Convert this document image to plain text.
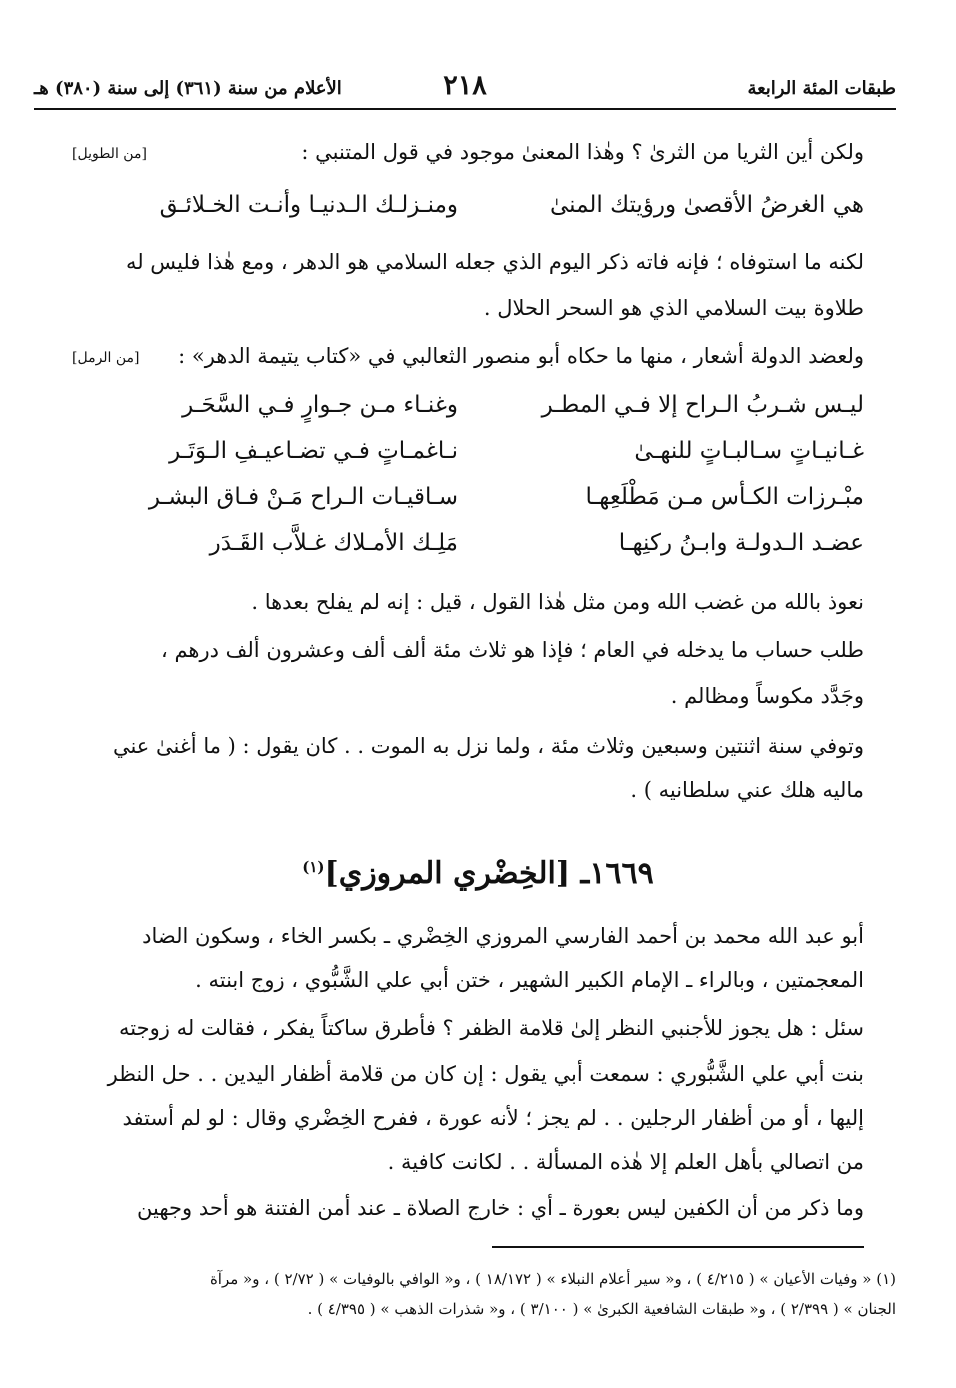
طبقات المئة الرابعة
٢١٨
الأعلام من سنة (٣٦١) إلى سنة (٣٨٠) هـ
ولكن أين الثريا من الثرىٰ ؟ وهٰذا المعنىٰ موجود في قول المتنبي :
[من الطويل]
هي الغرضُ الأقصىٰ ورؤيتك المنىٰ
ومنـزلـك الـدنيـا وأنـت الخـلائـق
لكنه ما استوفاه ؛ فإنه فاته ذكر اليوم الذي جعله السلامي هو الدهر ، ومع هٰذا فليس له
طلاوة بيت السلامي الذي هو السحر الحلال .
ولعضد الدولة أشعار ، منها ما حكاه أبو منصور الثعالبي في «كتاب يتيمة الدهر» :
[من الرمل]
ليـس شـربُ الـراح إلا فـي المطـر
وغنـاء مـن جـوارٍ فـي السَّحَـر
غـانيـاتٍ سـالبـاتٍ للنهـىٰ
نـاغمـاتٍ فـي تضـاعيـفِ الـوَتَـر
مبْـرزات الكـأس مـن مَطْلَعِهـا
سـاقيـات الـراح مَـنْ فـاق البشـر
عضـد الـدولـة وابـنُ ركنِهـا
مَلِـك الأمـلاك غـلاَّب القَـدَر
نعوذ بالله من غضب الله ومن مثل هٰذا القول ، قيل : إنه لم يفلح بعدها .
طلب حساب ما يدخله في العام ؛ فإذا هو ثلاث مئة ألف ألف وعشرون ألف درهم ،
وجَدَّد مكوساً ومظالم .
وتوفي سنة اثنتين وسبعين وثلاث مئة ، ولما نزل به الموت . . كان يقول : ( ما أغنىٰ عني
ماليه هلك عني سلطانيه ) .
١٦٦٩ـ [الخِضْري المروزي]$^{(١)}$
أبو عبد الله محمد بن أحمد الفارسي المروزي الخِضْري ـ بكسر الخاء ، وسكون الضاد
المعجمتين ، وبالراء ـ الإمام الكبير الشهير ، ختن أبي علي الشَّبُّوي ، زوج ابنته .
سئل : هل يجوز للأجنبي النظر إلىٰ قلامة الظفر ؟ فأطرق ساكتاً يفكر ، فقالت له زوجته
بنت أبي علي الشَّبُّوري : سمعت أبي يقول : إن كان من قلامة أظفار اليدين . . حل النظر
إليها ، أو من أظفار الرجلين . . لم يجز ؛ لأنه عورة ، ففرح الخِضْري وقال : لو لم أستفد
من اتصالي بأهل العلم إلا هٰذه المسألة . . لكانت كافية .
وما ذكر من أن الكفين ليس بعورة ـ أي : خارج الصلاة ـ عند أمن الفتنة هو أحد وجهين
(١) « وفيات الأعيان » ( ٤/٢١٥ ) ، و« سير أعلام النبلاء » ( ١٨/١٧٢ ) ، و« الوافي بالوفيات » ( ٢/٧٢ ) ، و« مرآة
الجنان » ( ٢/٣٩٩ ) ، و« طبقات الشافعية الكبرىٰ » ( ٣/١٠٠ ) ، و« شذرات الذهب » ( ٤/٣٩٥ ) .
